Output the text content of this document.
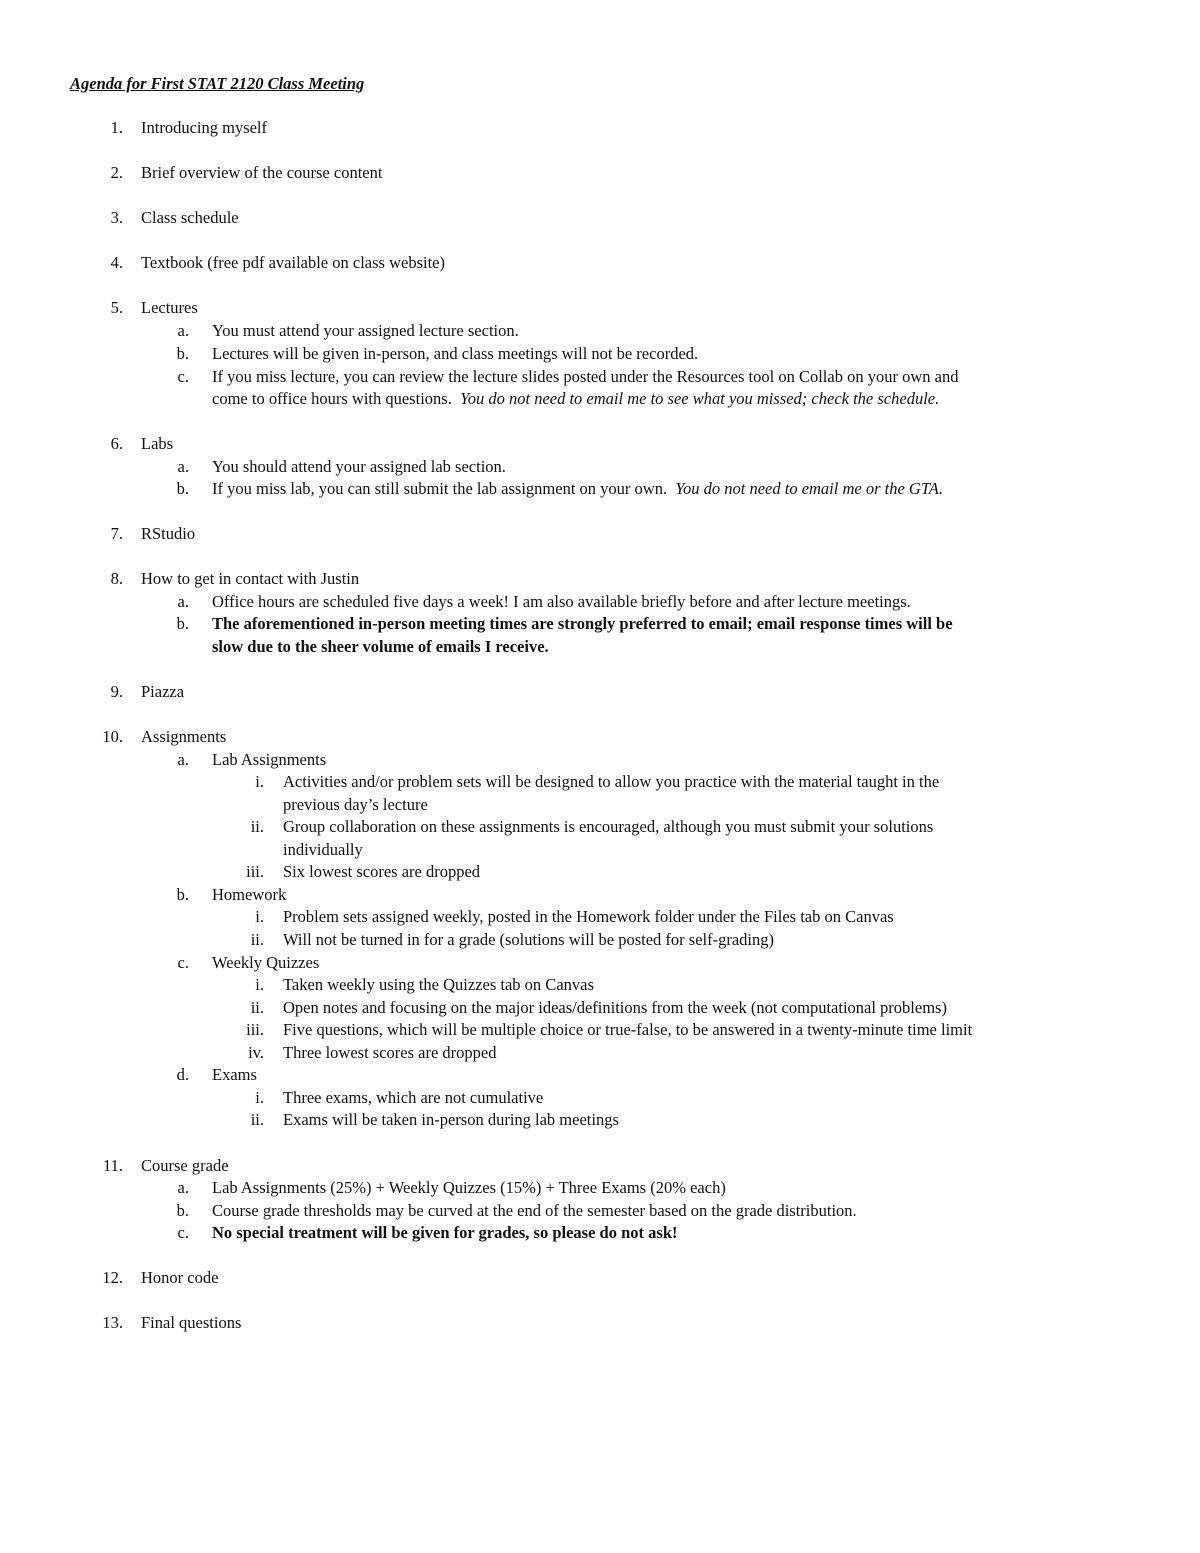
Agenda for First STAT 2120 Class Meeting
1. Introducing myself
2. Brief overview of the course content
3. Class schedule
4. Textbook (free pdf available on class website)
5. Lectures
a. You must attend your assigned lecture section.
b. Lectures will be given in-person, and class meetings will not be recorded.
c. If you miss lecture, you can review the lecture slides posted under the Resources tool on Collab on your own and
come to office hours with questions. You do not need to email me to see what you missed; check the schedule.
6. Labs
a. You should attend your assigned lab section.
b. If you miss lab, you can still submit the lab assignment on your own. You do not need to email me or the GTA.
7. RStudio
8. How to get in contact with Justin
a. Office hours are scheduled five days a week! I am also available briefly before and after lecture meetings.
b. The aforementioned in-person meeting times are strongly preferred to email; email response times will be
slow due to the sheer volume of emails I receive.
9. Piazza
10. Assignments
a. Lab Assignments
i. Activities and/or problem sets will be designed to allow you practice with the material taught in the
previous day’s lecture
ii. Group collaboration on these assignments is encouraged, although you must submit your solutions
individually
iii. Six lowest scores are dropped
b. Homework
i. Problem sets assigned weekly, posted in the Homework folder under the Files tab on Canvas
ii. Will not be turned in for a grade (solutions will be posted for self-grading)
c. Weekly Quizzes
i. Taken weekly using the Quizzes tab on Canvas
ii. Open notes and focusing on the major ideas/definitions from the week (not computational problems)
iii. Five questions, which will be multiple choice or true-false, to be answered in a twenty-minute time limit
iv. Three lowest scores are dropped
d. Exams
i. Three exams, which are not cumulative
ii. Exams will be taken in-person during lab meetings
11. Course grade
a. Lab Assignments (25%) + Weekly Quizzes (15%) + Three Exams (20% each)
b. Course grade thresholds may be curved at the end of the semester based on the grade distribution.
c. No special treatment will be given for grades, so please do not ask!
12. Honor code
13. Final questions
